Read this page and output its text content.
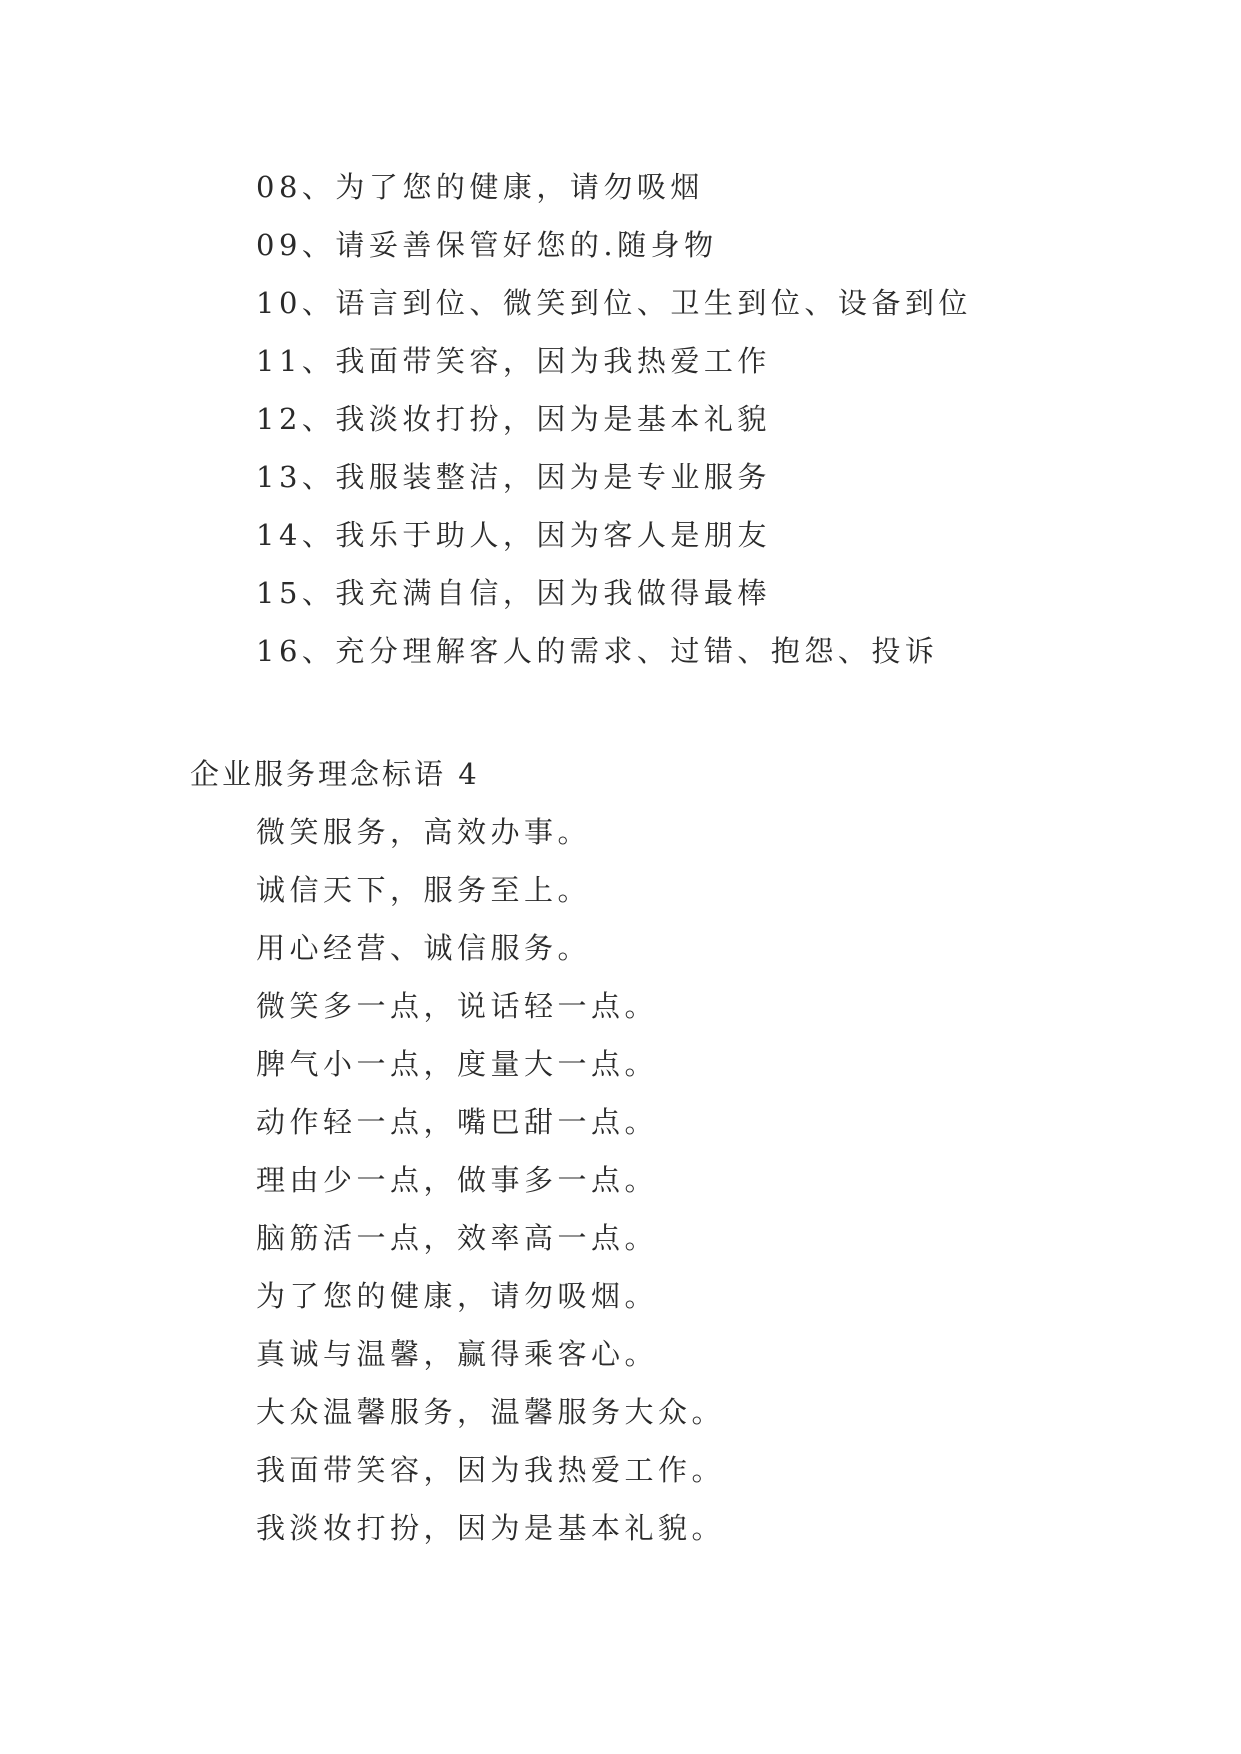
08、为了您的健康，请勿吸烟
09、请妥善保管好您的.随身物
10、语言到位、微笑到位、卫生到位、设备到位
11、我面带笑容，因为我热爱工作
12、我淡妆打扮，因为是基本礼貌
13、我服装整洁，因为是专业服务
14、我乐于助人，因为客人是朋友
15、我充满自信，因为我做得最棒
16、充分理解客人的需求、过错、抱怨、投诉
企业服务理念标语 4
微笑服务，高效办事。
诚信天下，服务至上。
用心经营、诚信服务。
微笑多一点，说话轻一点。
脾气小一点，度量大一点。
动作轻一点，嘴巴甜一点。
理由少一点，做事多一点。
脑筋活一点，效率高一点。
为了您的健康，请勿吸烟。
真诚与温馨，赢得乘客心。
大众温馨服务，温馨服务大众。
我面带笑容，因为我热爱工作。
我淡妆打扮，因为是基本礼貌。
